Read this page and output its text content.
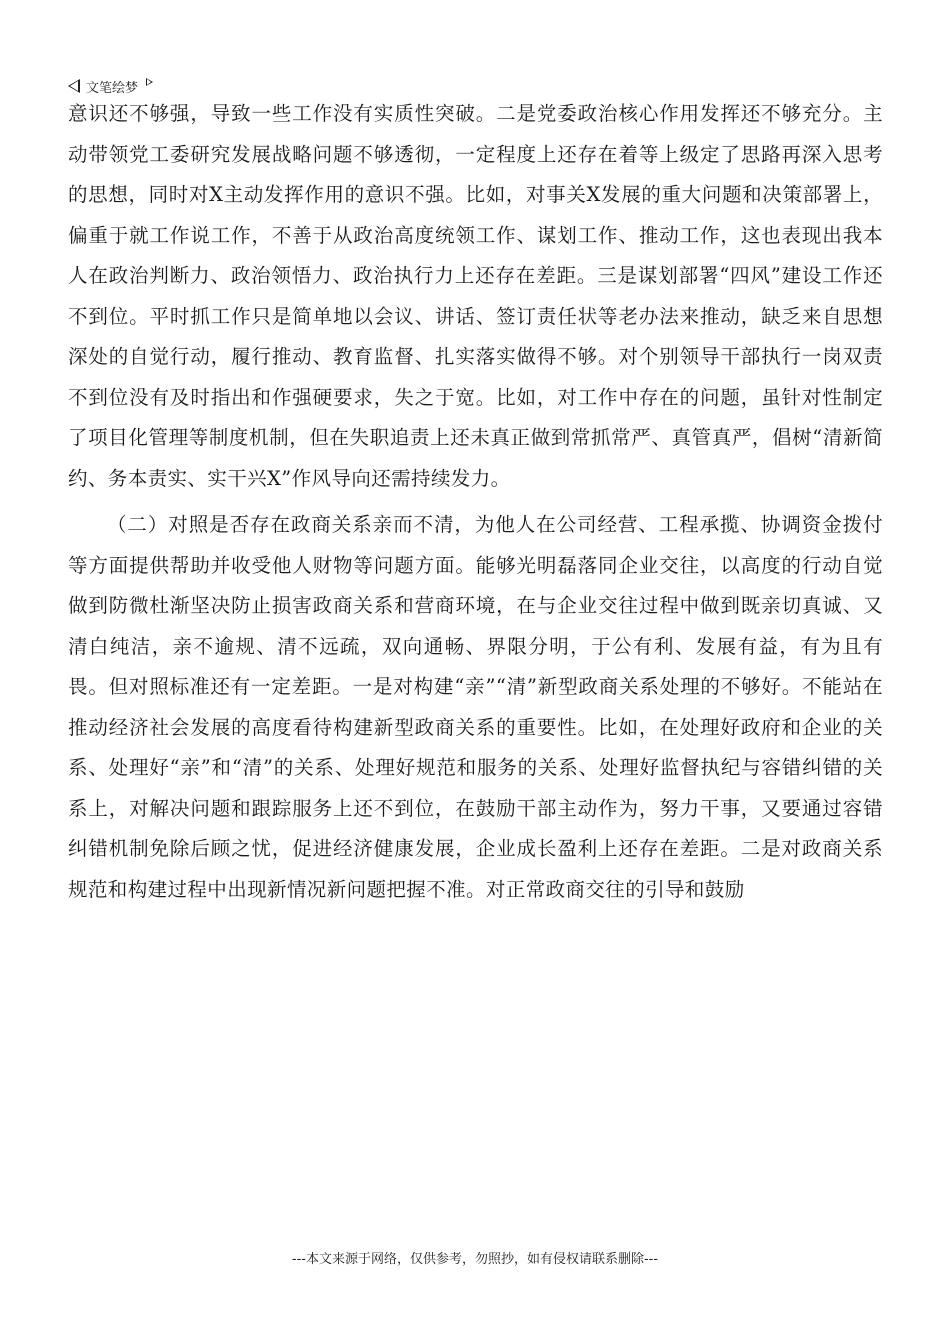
文笔绘梦

意识还不够强，导致一些工作没有实质性突破。二是党委政治核心作用发挥还不够充分。主动带领党工委研究发展战略问题不够透彻，一定程度上还存在着等上级定了思路再深入思考的思想，同时对X主动发挥作用的意识不强。比如，对事关X发展的重大问题和决策部署上，偏重于就工作说工作，不善于从政治高度统领工作、谋划工作、推动工作，这也表现出我本人在政治判断力、政治领悟力、政治执行力上还存在差距。三是谋划部署“四风”建设工作还不到位。平时抓工作只是简单地以会议、讲话、签订责任状等老办法来推动，缺乏来自思想深处的自觉行动，履行推动、教育监督、扎实落实做得不够。对个别领导干部执行一岗双责不到位没有及时指出和作强硬要求，失之于宽。比如，对工作中存在的问题，虽针对性制定了项目化管理等制度机制，但在失职追责上还未真正做到常抓常严、真管真严，倡树“清新简约、务本责实、实干兴X”作风导向还需持续发力。

（二）对照是否存在政商关系亲而不清，为他人在公司经营、工程承揽、协调资金拨付等方面提供帮助并收受他人财物等问题方面。能够光明磊落同企业交往，以高度的行动自觉做到防微杜渐坚决防止损害政商关系和营商环境，在与企业交往过程中做到既亲切真诚、又清白纯洁，亲不逾规、清不远疏，双向通畅、界限分明，于公有利、发展有益，有为且有畏。但对照标准还有一定差距。一是对构建“亲”“清”新型政商关系处理的不够好。不能站在推动经济社会发展的高度看待构建新型政商关系的重要性。比如，在处理好政府和企业的关系、处理好“亲”和“清”的关系、处理好规范和服务的关系、处理好监督执纪与容错纠错的关系上，对解决问题和跟踪服务上还不到位，在鼓励干部主动作为，努力干事，又要通过容错纠错机制免除后顾之忧，促进经济健康发展，企业成长盈利上还存在差距。二是对政商关系规范和构建过程中出现新情况新问题把握不准。对正常政商交往的引导和鼓励

---本文来源于网络，仅供参考，勿照抄，如有侵权请联系删除---
